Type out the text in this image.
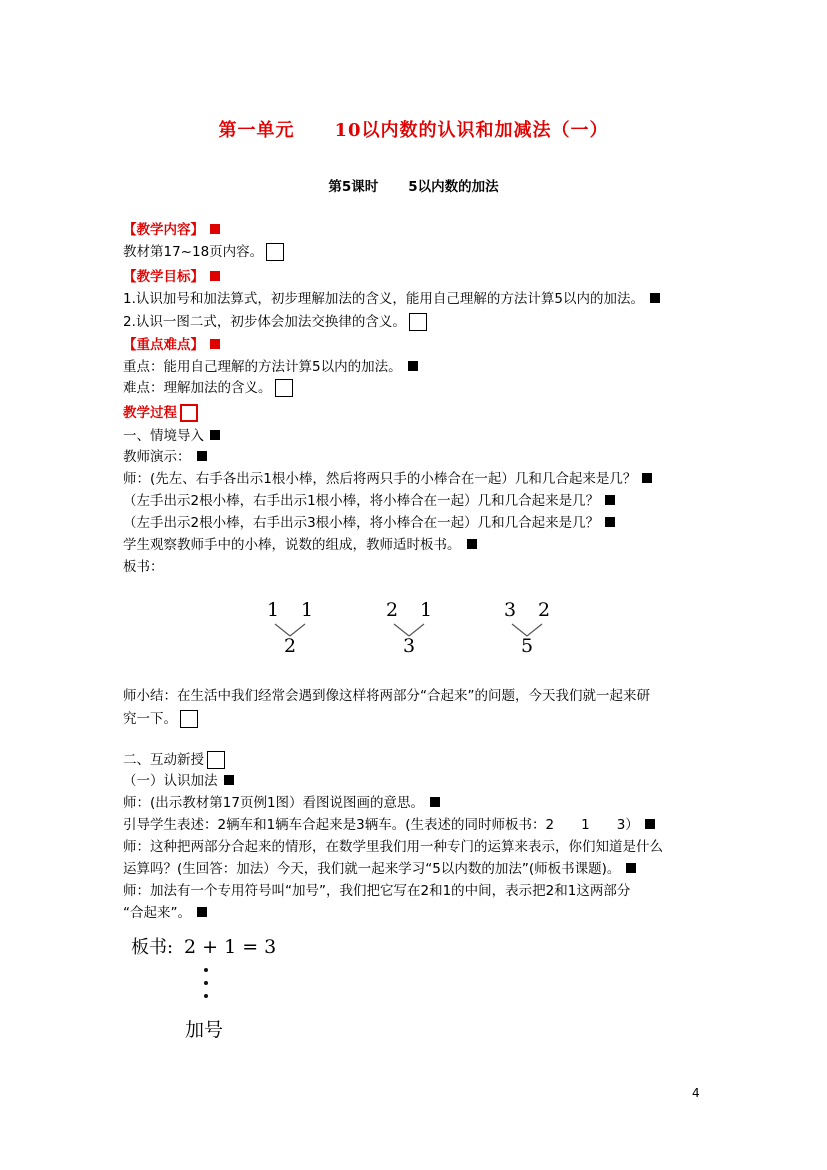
第一单元 10以内数的认识和加减法（一）
第5课时 5以内数的加法
【教学内容】
教材第17~18页内容。
【教学目标】
1.认识加号和加法算式，初步理解加法的含义，能用自己理解的方法计算5以内的加法。
2.认识一图二式，初步体会加法交换律的含义。
【重点难点】
重点：能用自己理解的方法计算5以内的加法。
难点：理解加法的含义。
教学过程
一、情境导入
教师演示：
师：(先左、右手各出示1根小棒，然后将两只手的小棒合在一起）几和几合起来是几？
（左手出示2根小棒，右手出示1根小棒，将小棒合在一起）几和几合起来是几？
（左手出示2根小棒，右手出示3根小棒，将小棒合在一起）几和几合起来是几？
学生观察教师手中的小棒，说数的组成，教师适时板书。
板书：
1 1
2
2 1
3
3 2
5
师小结：在生活中我们经常会遇到像这样将两部分“合起来”的问题，今天我们就一起来研
究一下。
二、互动新授
（一）认识加法
师：(出示教材第17页例1图）看图说图画的意思。
引导学生表述：2辆车和1辆车合起来是3辆车。(生表述的同时师板书：2　　1　　3）
师：这种把两部分合起来的情形，在数学里我们用一种专门的运算来表示，你们知道是什么
运算吗？(生回答：加法）今天，我们就一起来学习“5以内数的加法”(师板书课题)。
师：加法有一个专用符号叫“加号”，我们把它写在2和1的中间，表示把2和1这两部分
“合起来”。
板书: 2 + 1 = 3
加号
4
